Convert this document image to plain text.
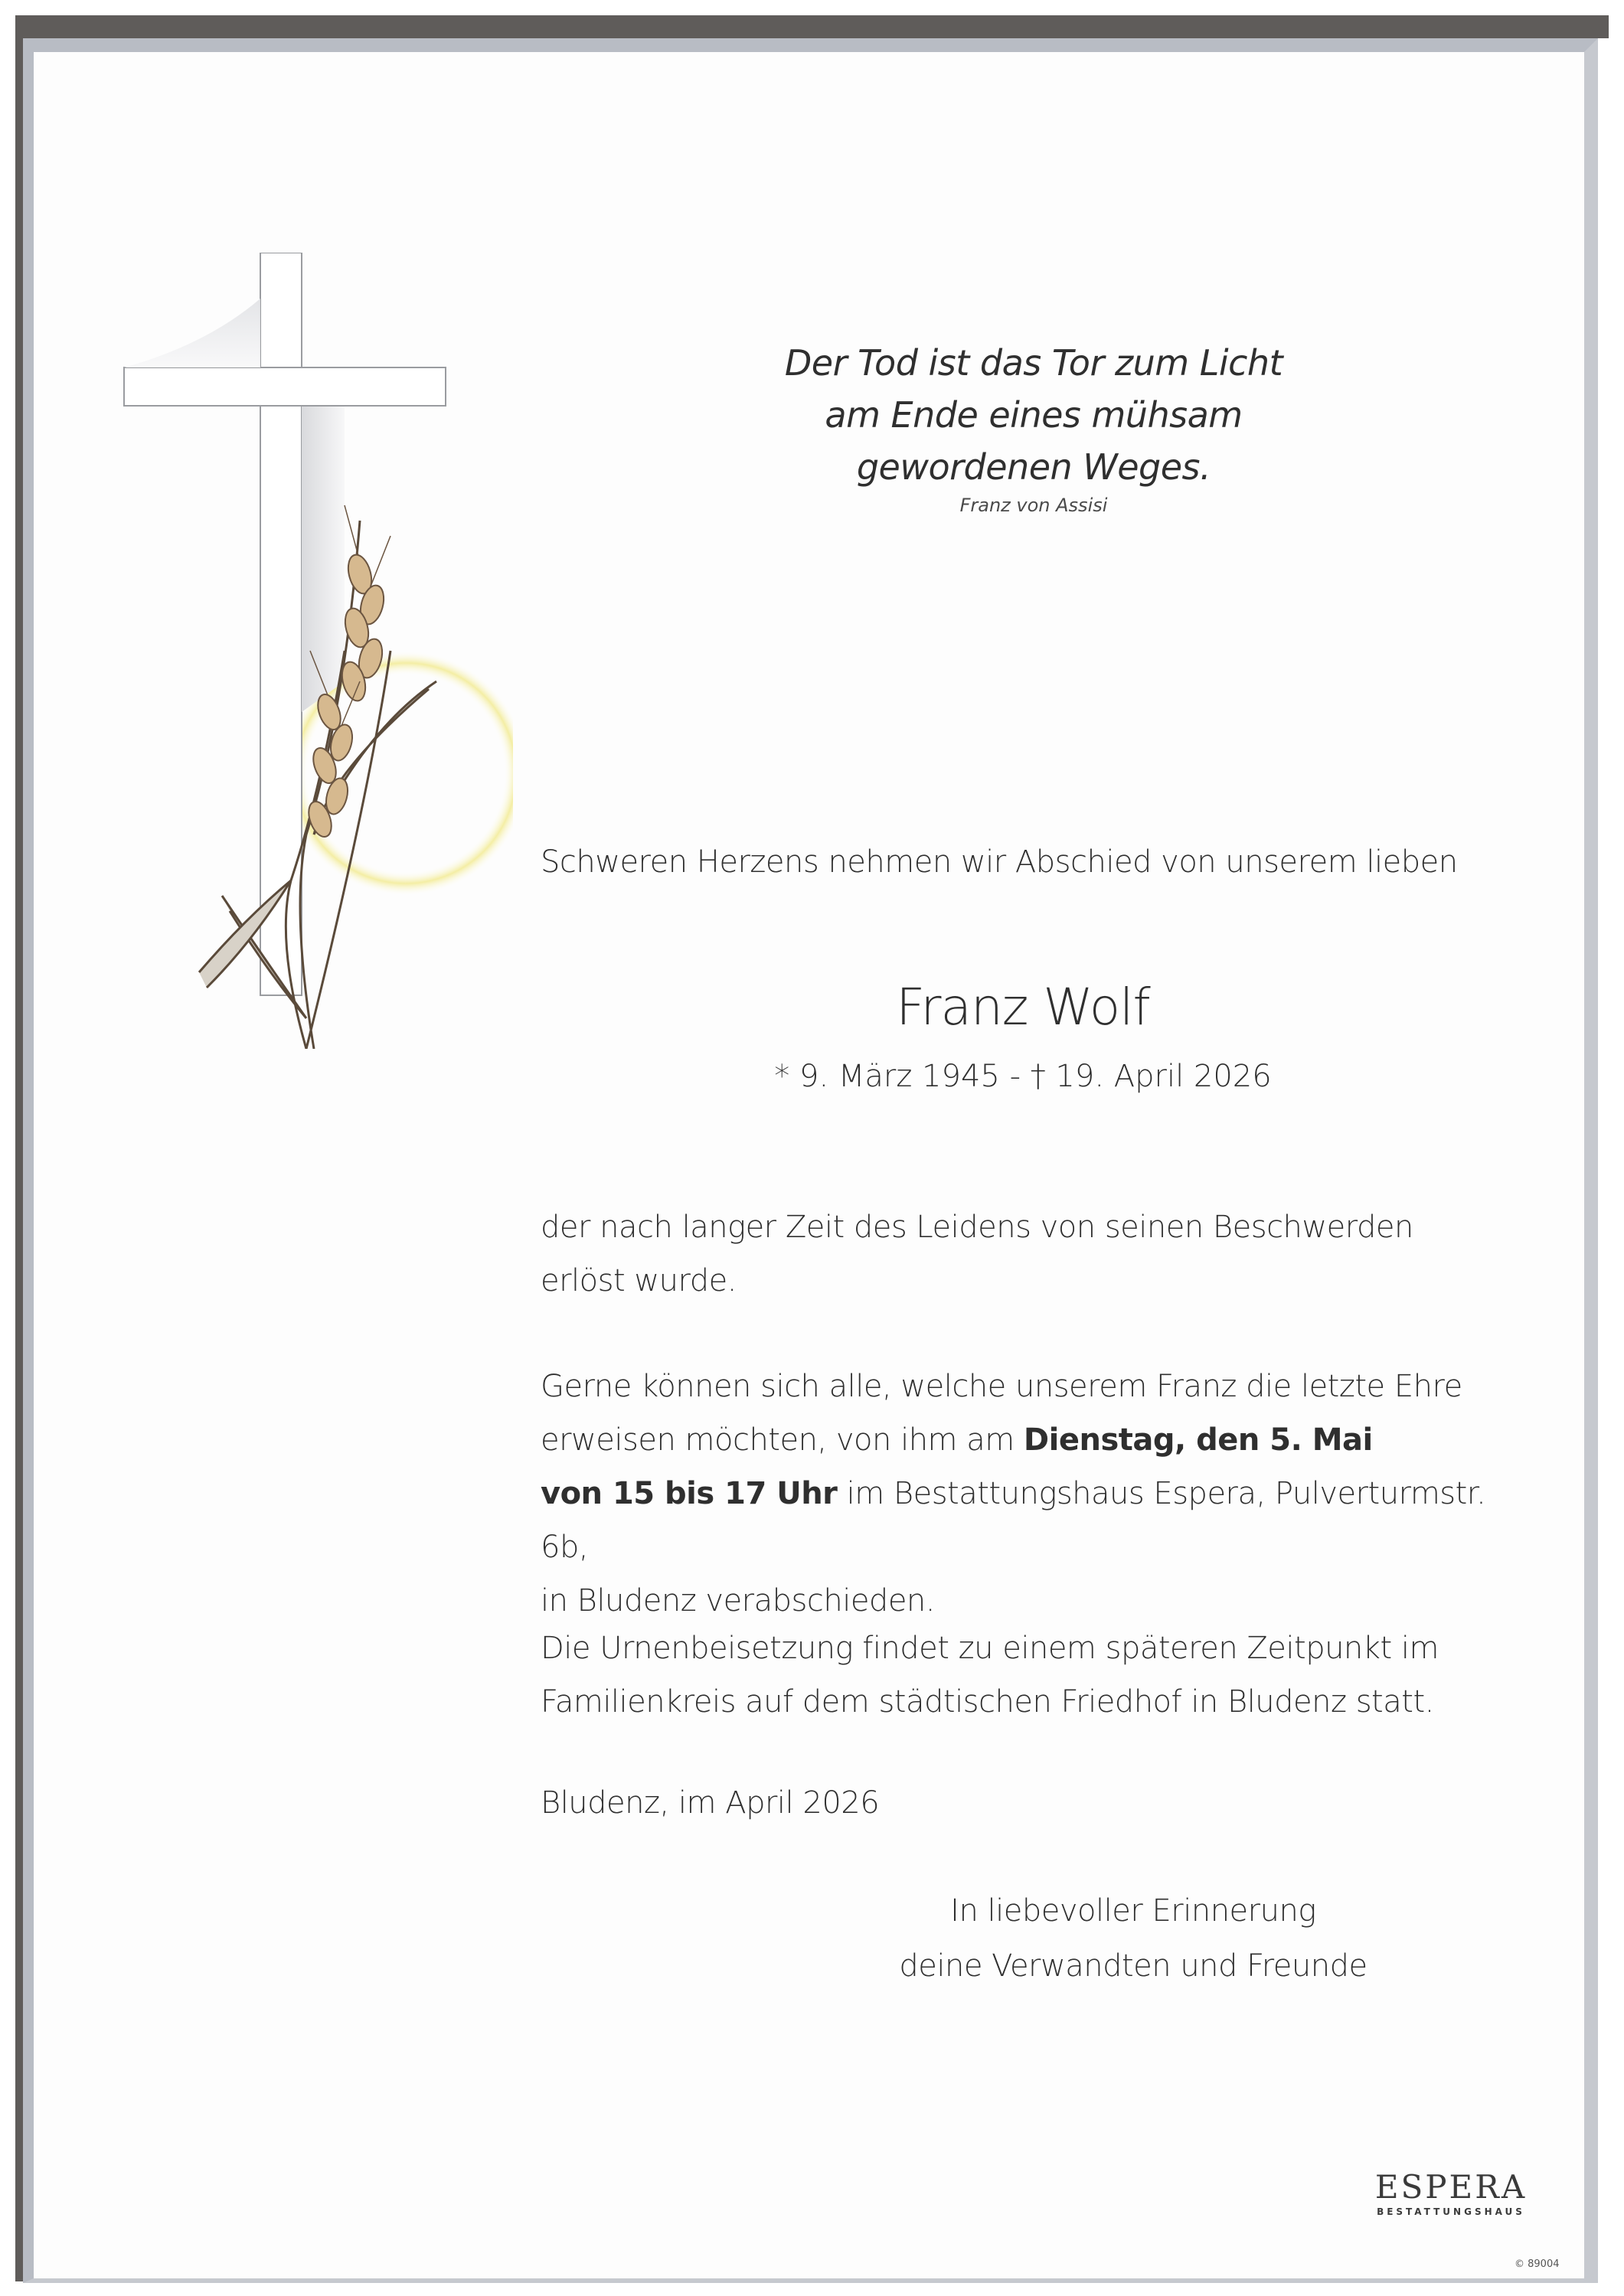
Der Tod ist das Tor zum Licht
am Ende eines mühsam
gewordenen Weges.
Franz von Assisi
Schweren Herzens nehmen wir Abschied von unserem lieben
Franz Wolf
* 9. März 1945 - † 19. April 2026
der nach langer Zeit des Leidens von seinen Beschwerden
erlöst wurde.
Gerne können sich alle, welche unserem Franz die letzte Ehre
erweisen möchten, von ihm am Dienstag, den 5. Mai
von 15 bis 17 Uhr im Bestattungshaus Espera, Pulverturmstr. 6b,
in Bludenz verabschieden.
Die Urnenbeisetzung findet zu einem späteren Zeitpunkt im
Familienkreis auf dem städtischen Friedhof in Bludenz statt.
Bludenz, im April 2026
In liebevoller Erinnerung
deine Verwandten und Freunde
ESPERA
BESTATTUNGSHAUS
© 89004
